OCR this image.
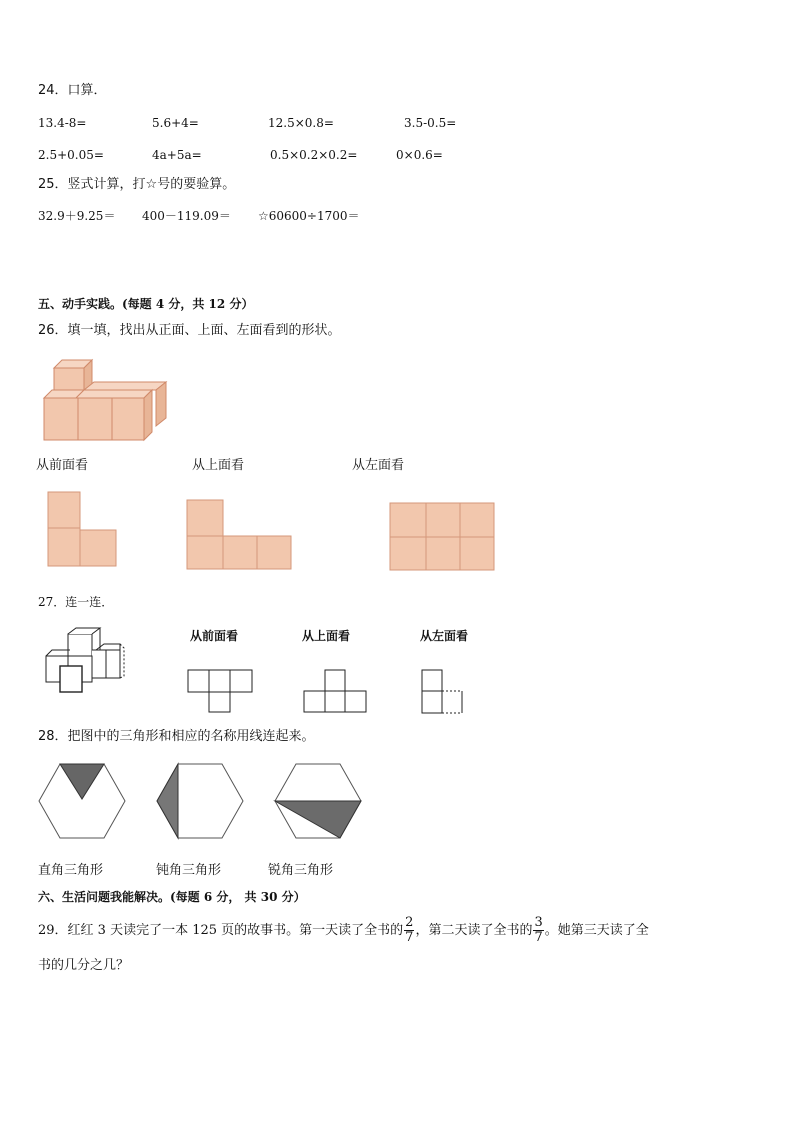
24．口算．
13.4-8=	5.6+4=	12.5×0.8=	3.5-0.5=
2.5+0.05=	4a+5a=	0.5×0.2×0.2=	0×0.6=
25．竖式计算，打☆号的要验算。
32.9＋9.25＝ 400－119.09＝ ☆60600÷1700＝
五、动手实践。(每题 4 分，共 12 分）
26．填一填，找出从正面、上面、左面看到的形状。
从前面看	从上面看	从左面看
27．连一连．
从前面看	从上面看	从左面看
28．把图中的三角形和相应的名称用线连起来。
直角三角形	钝角三角形	锐角三角形
六、生活问题我能解决。(每题 6 分， 共 30 分）
29．红红 3 天读完了一本 125 页的故事书。第一天读了全书的 $\frac{2}{7}$ ，第二天读了全书的 $\frac{3}{7}$ 。她第三天读了全
书的几分之几？
